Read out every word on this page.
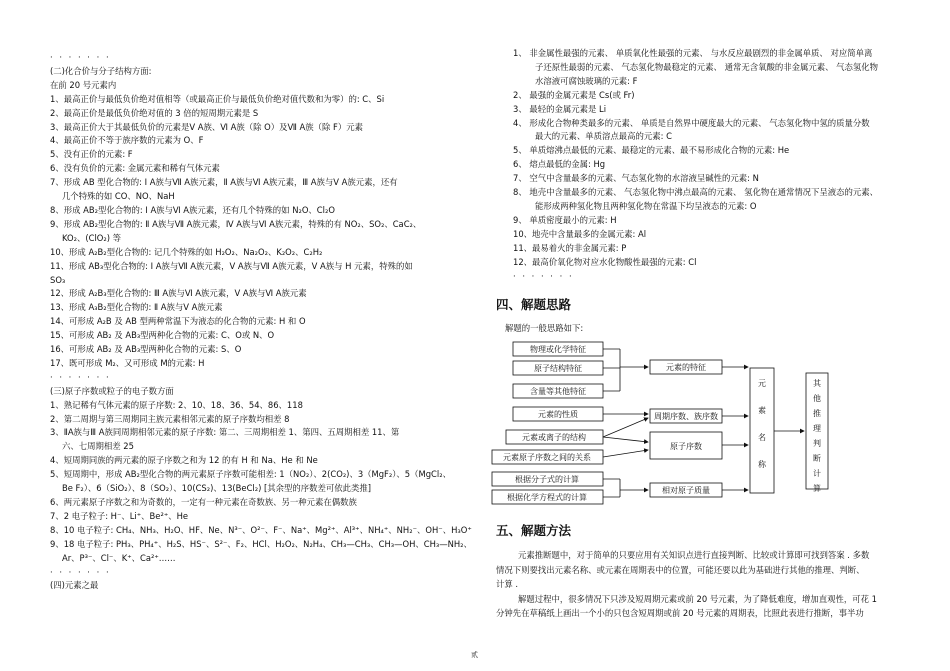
· · · · · · ·
(二)化合价与分子结构方面:
在前 20 号元素内
1、最高正价与最低负价绝对值相等（或最高正价与最低负价绝对值代数和为零）的: C、Si
2、最高正价是最低负价绝对值的 3 倍的短周期元素是 S
3、最高正价大于其最低负价的元素是Ⅴ A族、Ⅵ A族（除 O）及Ⅶ A族（除 F）元素
4、最高正价不等于族序数的元素为 O、F
5、没有正价的元素: F
6、没有负价的元素: 金属元素和稀有气体元素
7、形成 AB 型化合物的: Ⅰ A族与Ⅶ A族元素，Ⅱ A族与Ⅵ A族元素，Ⅲ A族与Ⅴ A族元素，还有
几个特殊的如 CO、NO、NaH
8、形成 AB₂型化合物的: Ⅰ A族与Ⅵ A族元素，还有几个特殊的如 N₂O、Cl₂O
9、形成 AB₂型化合物的: Ⅱ A族与Ⅶ A族元素，Ⅳ A族与Ⅵ A族元素，特殊的有 NO₂、SO₂、CaC₂、
KO₂、(ClO₂) 等
10、形成 A₂B₂型化合物的: 记几个特殊的如 H₂O₂、Na₂O₂、K₂O₂、C₂H₂
11、形成 AB₃型化合物的: Ⅰ A族与Ⅶ A族元素，Ⅴ A族与Ⅶ A族元素，Ⅴ A族与 H 元素，特殊的如
SO₃
12、形成 A₂B₃型化合物的: Ⅲ A族与Ⅵ A族元素，Ⅴ A族与Ⅵ A族元素
13、形成 A₃B₂型化合物的: Ⅱ A族与Ⅴ A族元素
14、可形成 A₂B 及 AB 型两种常温下为液态的化合物的元素: H 和 O
15、可形成 AB₂ 及 AB₃型两种化合物的元素: C、O或 N、O
16、可形成 AB₂ 及 AB₃型两种化合物的元素: S、O
17、既可形成 M₂、又可形成 M的元素: H
· · · · · · ·
(三)原子序数或粒子的电子数方面
1、熟记稀有气体元素的原子序数: 2、10、18、36、54、86、118
2、第二周期与第三周期同主族元素相邻元素的原子序数均相差 8
3、ⅡA族与Ⅲ A族同周期相邻元素的原子序数: 第二、三周期相差 1、第四、五周期相差 11、第
六、七周期相差 25
4、短周期同族的两元素的原子序数之和为 12 的有 H 和 Na、He 和 Ne
5、短周期中，形成 AB₂型化合物的两元素原子序数可能相差: 1（NO₂）、2(CO₂)、3（MgF₂）、5（MgCl₂、
Be F₂）、6（SiO₂）、8（SO₂）、10(CS₂)、13(BeCl₂) [其余型的序数差可依此类推]
6、两元素原子序数之和为奇数的，一定有一种元素在奇数族、另一种元素在偶数族
7、2 电子粒子: H⁻、Li⁺、Be²⁺、He
8、10 电子粒子: CH₄、NH₃、H₂O、HF、Ne、N³⁻、O²⁻、F⁻、Na⁺、Mg²⁺、Al³⁺、NH₄⁺、NH₂⁻、OH⁻、H₃O⁺
9、18 电子粒子: PH₃、PH₄⁺、H₂S、HS⁻、S²⁻、F₂、HCl、H₂O₂、N₂H₄、CH₃—CH₃、CH₃—OH、CH₃—NH₂、
Ar、P³⁻、Cl⁻、K⁺、Ca²⁺……
· · · · · · ·
(四)元素之最
1、 非金属性最强的元素、 单质氧化性最强的元素、 与水反应最剧烈的非金属单质、 对应简单离
子还原性最弱的元素、 气态氢化物最稳定的元素、 通常无含氧酸的非金属元素、 气态氢化物
水溶液可腐蚀玻璃的元素: F
2、 最强的金属元素是 Cs(或 Fr)
3、 最轻的金属元素是 Li
4、 形成化合物种类最多的元素、 单质是自然界中硬度最大的元素、 气态氢化物中氢的质量分数
最大的元素、单质溶点最高的元素: C
5、 单质熔沸点最低的元素、最稳定的元素、最不易形成化合物的元素: He
6、 熔点最低的金属: Hg
7、 空气中含量最多的元素、气态氢化物的水溶液呈碱性的元素: N
8、 地壳中含量最多的元素、 气态氢化物中沸点最高的元素、 氢化物在通常情况下呈液态的元素、
能形成两种氢化物且两种氢化物在常温下均呈液态的元素: O
9、 单质密度最小的元素: H
10、地壳中含量最多的金属元素: Al
11、最易着火的非金属元素: P
12、最高价氧化物对应水化物酸性最强的元素: Cl
· · · · · · ·
四、解题思路
解题的一般思路如下:
物理或化学特征
原子结构特征
含量等其他特征
元素的性质
元素或离子的结构
元素原子序数之间的关系
根据分子式的计算
根据化学方程式的计算
元素的特征
周期序数、族序数
原子序数
相对原子质量
元
素
名
称
其
他
推
理
判
断
计
算
五、解题方法
元素推断题中，对于简单的只要应用有关知识点进行直接判断、比较或计算即可找到答案 . 多数
情况下则要找出元素名称、或元素在周期表中的位置，可能还要以此为基础进行其他的推理、判断、
计算 .
解题过程中，很多情况下只涉及短周期元素或前 20 号元素，为了降低难度，增加直观性，可花 1
分钟先在草稿纸上画出一个小的只包含短周期或前 20 号元素的周期表，比照此表进行推断，事半功
贰
